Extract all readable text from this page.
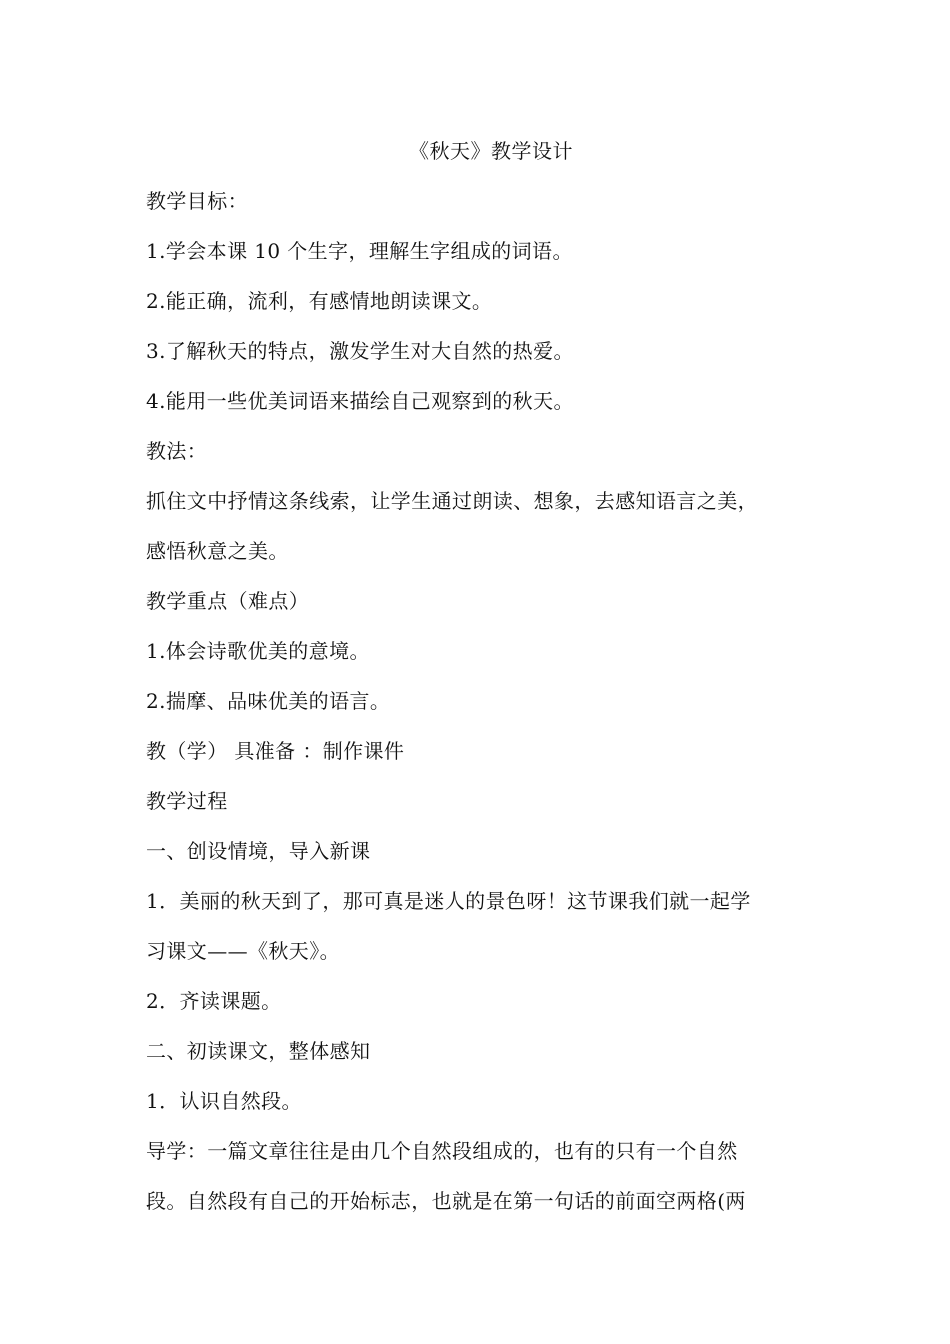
《秋天》教学设计

教学目标：

1.学会本课 10 个生字，理解生字组成的词语。

2.能正确，流利，有感情地朗读课文。

3.了解秋天的特点，激发学生对大自然的热爱。

4.能用一些优美词语来描绘自己观察到的秋天。

教法：

抓住文中抒情这条线索，让学生通过朗读、想象，去感知语言之美，
感悟秋意之美。

教学重点（难点）

1.体会诗歌优美的意境。

2.揣摩、品味优美的语言。

教（学） 具准备 ：制作课件

教学过程

一、创设情境，导入新课

1．美丽的秋天到了，那可真是迷人的景色呀！这节课我们就一起学
习课文——《秋天》。

2．齐读课题。

二、初读课文，整体感知

1．认识自然段。

导学：一篇文章往往是由几个自然段组成的，也有的只有一个自然
段。自然段有自己的开始标志，也就是在第一句话的前面空两格(两
